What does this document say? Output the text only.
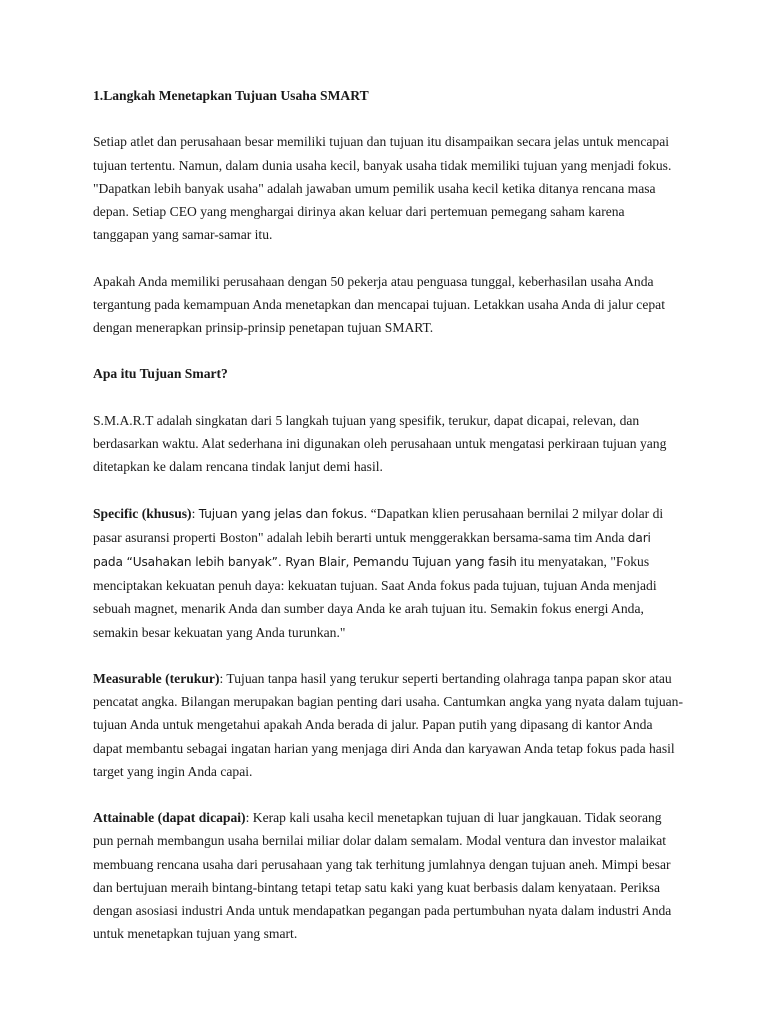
1.Langkah Menetapkan Tujuan Usaha SMART

Setiap atlet dan perusahaan besar memiliki tujuan dan tujuan itu disampaikan secara jelas untuk mencapai tujuan tertentu. Namun, dalam dunia usaha kecil, banyak usaha tidak memiliki tujuan yang menjadi fokus. "Dapatkan lebih banyak usaha" adalah jawaban umum pemilik usaha kecil ketika ditanya rencana masa depan. Setiap CEO yang menghargai dirinya akan keluar dari pertemuan pemegang saham karena tanggapan yang samar-samar itu.

Apakah Anda memiliki perusahaan dengan 50 pekerja atau penguasa tunggal, keberhasilan usaha Anda tergantung pada kemampuan Anda menetapkan dan mencapai tujuan. Letakkan usaha Anda di jalur cepat dengan menerapkan prinsip-prinsip penetapan tujuan SMART.

Apa itu Tujuan Smart?

S.M.A.R.T adalah singkatan dari 5 langkah tujuan yang spesifik, terukur, dapat dicapai, relevan, dan berdasarkan waktu. Alat sederhana ini digunakan oleh perusahaan untuk mengatasi perkiraan tujuan yang ditetapkan ke dalam rencana tindak lanjut demi hasil.

Specific (khusus): Tujuan yang jelas dan fokus. “Dapatkan klien perusahaan bernilai 2 milyar dolar di pasar asuransi properti Boston" adalah lebih berarti untuk menggerakkan bersama-sama tim Anda dari pada “Usahakan lebih banyak”. Ryan Blair, Pemandu Tujuan yang fasih itu menyatakan, "Fokus menciptakan kekuatan penuh daya: kekuatan tujuan. Saat Anda fokus pada tujuan, tujuan Anda menjadi sebuah magnet, menarik Anda dan sumber daya Anda ke arah tujuan itu. Semakin fokus energi Anda, semakin besar kekuatan yang Anda turunkan."

Measurable (terukur): Tujuan tanpa hasil yang terukur seperti bertanding olahraga tanpa papan skor atau pencatat angka. Bilangan merupakan bagian penting dari usaha. Cantumkan angka yang nyata dalam tujuan-tujuan Anda untuk mengetahui apakah Anda berada di jalur. Papan putih yang dipasang di kantor Anda dapat membantu sebagai ingatan harian yang menjaga diri Anda dan karyawan Anda tetap fokus pada hasil target yang ingin Anda capai.

Attainable (dapat dicapai): Kerap kali usaha kecil menetapkan tujuan di luar jangkauan. Tidak seorang pun pernah membangun usaha bernilai miliar dolar dalam semalam. Modal ventura dan investor malaikat membuang rencana usaha dari perusahaan yang tak terhitung jumlahnya dengan tujuan aneh. Mimpi besar dan bertujuan meraih bintang-bintang tetapi tetap satu kaki yang kuat berbasis dalam kenyataan. Periksa dengan asosiasi industri Anda untuk mendapatkan pegangan pada pertumbuhan nyata dalam industri Anda untuk menetapkan tujuan yang smart.
